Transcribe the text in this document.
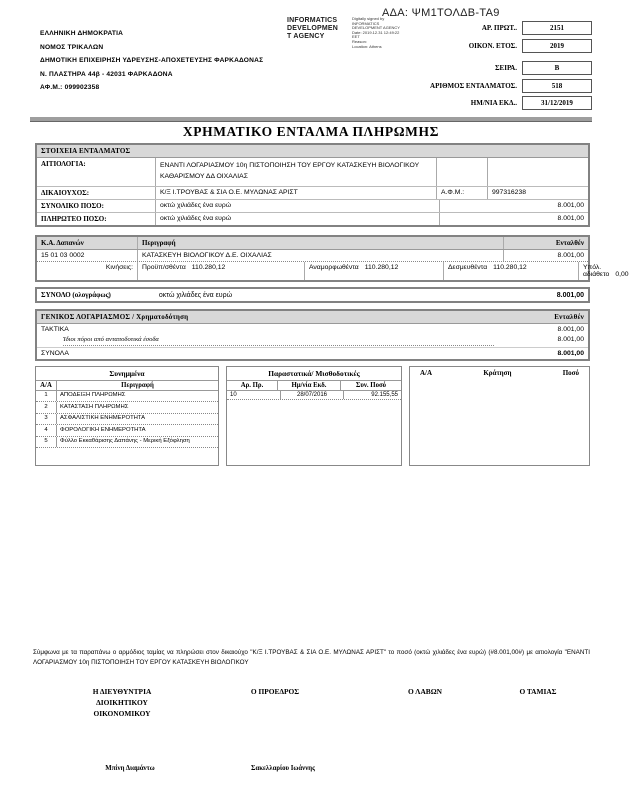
ΑΔΑ: ΨΜ1ΤΟΛΔΒ-ΤΑ9
ΕΛΛΗΝΙΚΗ ΔΗΜΟΚΡΑΤΙΑ
ΝΟΜΟΣ ΤΡΙΚΑΛΩΝ
ΔΗΜΟΤΙΚΗ ΕΠΙΧΕΙΡΗΣΗ ΥΔΡΕΥΣΗΣ-ΑΠΟΧΕΤΕΥΣΗΣ ΦΑΡΚΑΔΟΝΑΣ
Ν. ΠΛΑΣΤΗΡΑ 44β - 42031 ΦΑΡΚΑΔΟΝΑ
ΑΦ.Μ.: 099902358
INFORMATICS
DEVELOPMEN
T AGENCY
Digitally signed by
INFORMATICS
DEVELOPMENT AGENCY
Date: 2019.12.31 12:49:22
EET
Reason:
Location: Athens
ΑΡ. ΠΡΩΤ..	2151
ΟΙΚΟΝ. ΕΤΟΣ.	2019
ΣΕΙΡΑ.	Β
ΑΡΙΘΜΟΣ ΕΝΤΑΛΜΑΤΟΣ.	518
ΗΜ/ΝΙΑ ΕΚΔ..	31/12/2019
ΧΡΗΜΑΤΙΚΟ ΕΝΤΑΛΜΑ ΠΛΗΡΩΜΗΣ
ΣΤΟΙΧΕΙΑ ΕΝΤΑΛΜΑΤΟΣ
ΑΙΤΙΟΛΟΓΙΑ:	ΕΝΑΝΤΙ ΛΟΓΑΡΙΑΣΜΟΥ 10η ΠΙΣΤΟΠΟΙΗΣΗ ΤΟΥ ΕΡΓΟΥ ΚΑΤΑΣΚΕΥΗ ΒΙΟΛΟΓΙΚΟΥ ΚΑΘΑΡΙΣΜΟΥ ΔΔ ΟΙΧΑΛΙΑΣ
ΔΙΚΑΙΟΥΧΟΣ:	Κ/Ξ Ι.ΤΡΟΥΒΑΣ & ΣΙΑ Ο.Ε. ΜΥΛΩΝΑΣ ΑΡΙΣΤ	Α.Φ.Μ.:	997316238
ΣΥΝΟΛΙΚΟ ΠΟΣΟ:	οκτώ χιλιάδες ένα ευρώ	8.001,00
ΠΛΗΡΩΤΕΟ ΠΟΣΟ:	οκτώ χιλιάδες ένα ευρώ	8.001,00
Κ.Α. Δαπανών	Περιγραφή	Ενταλθέν
15 01 03 0002	ΚΑΤΑΣΚΕΥΗ ΒΙΟΛΟΓΙΚΟΥ Δ.Ε. ΟΙΧΑΛΙΑΣ	8.001,00
Κινήσεις:	Προϋπ/σθέντα 110.280,12	Αναμορφωθέντα 110.280,12	Δεσμευθέντα 110.280,12	Υπόλ. αδιάθετο 0,00
ΣΥΝΟΛΟ (ολογράφως)	οκτώ χιλιάδες ένα ευρώ	8.001,00
ΓΕΝΙΚΟΣ ΛΟΓΑΡΙΑΣΜΟΣ / Χρηματοδότηση	Ενταλθέν
ΤΑΚΤΙΚΑ	8.001,00
Ίδιοι πόροι από ανταποδοτικά έσοδα	8.001,00
ΣΥΝΟΛΑ	8.001,00
Συνημμένα
Α/Α	Περιγραφή
1	ΑΠΟΔΕΙΞΗ ΠΛΗΡΩΜΗΣ
2	ΚΑΤΑΣΤΑΣΗ ΠΛΗΡΩΜΗΣ
3	ΑΣΦΑΛΙΣΤΙΚΗ ΕΝΗΜΕΡΟΤΗΤΑ
4	ΦΟΡΟΛΟΓΙΚΗ ΕΝΗΜΕΡΟΤΗΤΑ
5	Φύλλο Εκκαθάρισης Δαπάνης - Μερική Εξόφληση
Παραστατικά/ Μισθοδοτικές
Αρ. Πρ.	Ημ/νία Εκδ.	Συν. Ποσό
10	28/07/2016	92.155,55
Α/Α	Κράτηση	Ποσό
Σύμφωνα με τα παραπάνω ο αρμόδιος ταμίας να πληρώσει στον δικαιούχο "Κ/Ξ Ι.ΤΡΟΥΒΑΣ & ΣΙΑ Ο.Ε. ΜΥΛΩΝΑΣ ΑΡΙΣΤ" το ποσό (οκτώ χιλιάδες ένα ευρώ) (#8.001,00#) με αιτιολογία "ΕΝΑΝΤΙ ΛΟΓΑΡΙΑΣΜΟΥ 10η ΠΙΣΤΟΠΟΙΗΣΗ ΤΟΥ ΕΡΓΟΥ ΚΑΤΑΣΚΕΥΗ ΒΙΟΛΟΓΙΚΟΥ
Η ΔΙΕΥΘΥΝΤΡΙΑ
ΔΙΟΙΚΗΤΙΚΟΥ
ΟΙΚΟΝΟΜΙΚΟΥ
Ο ΠΡΟΕΔΡΟΣ	Ο ΛΑΒΩΝ	Ο ΤΑΜΙΑΣ
Μπίνη Διαμάντω	Σακελλαρίου Ιωάννης
